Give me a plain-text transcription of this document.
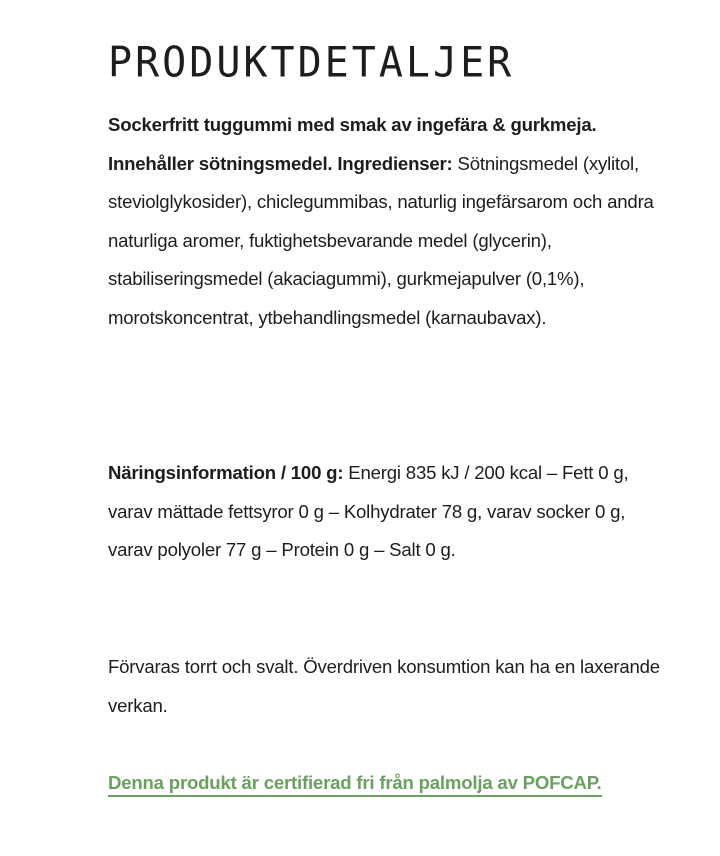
PRODUKTDETALJER

Sockerfritt tuggummi med smak av ingefära & gurkmeja. Innehåller sötningsmedel. Ingredienser: Sötningsmedel (xylitol, steviolglykosider), chiclegummibas, naturlig ingefärsarom och andra naturliga aromer, fuktighetsbevarande medel (glycerin), stabiliseringsmedel (akaciagummi), gurkmejapulver (0,1%), morotskoncentrat, ytbehandlingsmedel (karnaubavax).

Näringsinformation / 100 g: Energi 835 kJ / 200 kcal – Fett 0 g, varav mättade fettsyror 0 g – Kolhydrater 78 g, varav socker 0 g, varav polyoler 77 g – Protein 0 g – Salt 0 g.

Förvaras torrt och svalt. Överdriven konsumtion kan ha en laxerande verkan.

Denna produkt är certifierad fri från palmolja av POFCAP.
